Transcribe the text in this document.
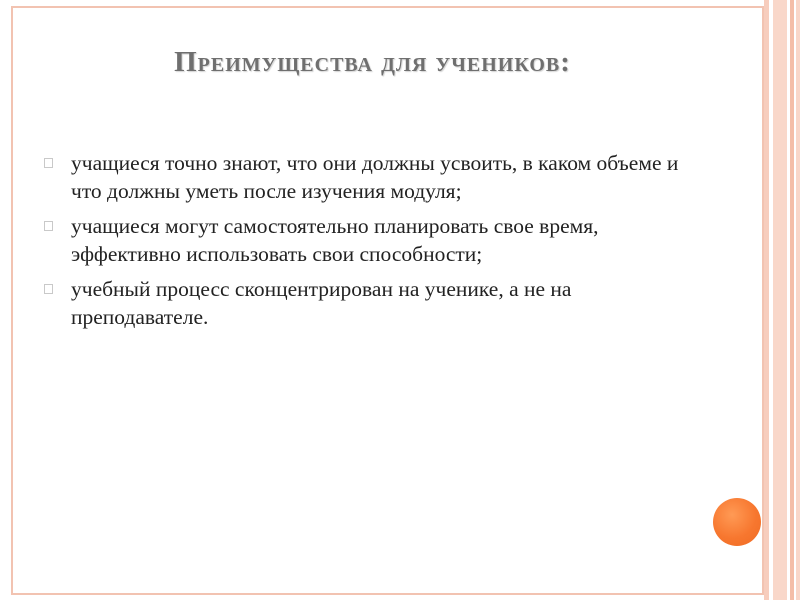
Преимущества для учеников:
учащиеся точно знают, что они должны усвоить, в каком объеме и что должны уметь после изучения модуля;
учащиеся могут самостоятельно планировать свое время, эффективно использовать свои способности;
учебный процесс сконцентрирован на ученике, а не на преподавателе.
